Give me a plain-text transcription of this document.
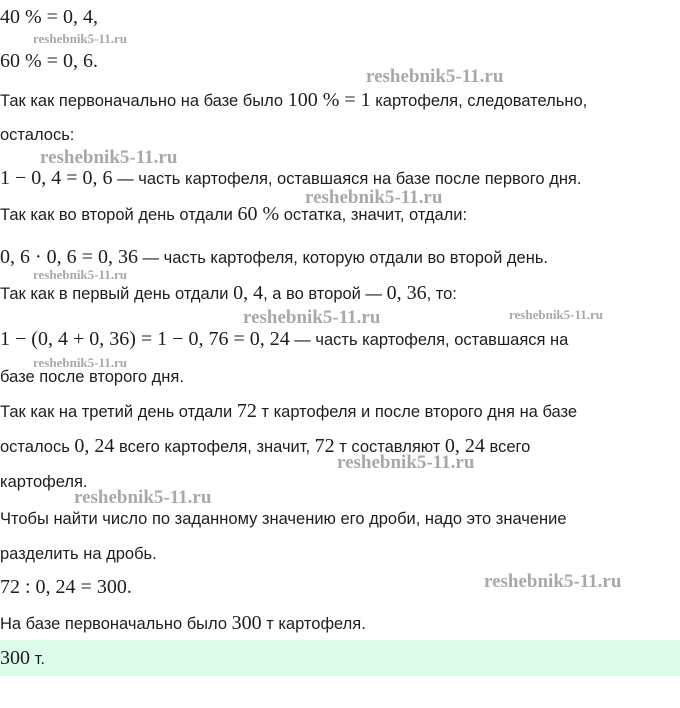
40 % = 0, 4,
60 % = 0, 6.
Так как первоначально на базе было 100 % = 1 картофеля, следовательно,
осталось:
1 − 0, 4 = 0, 6 — часть картофеля, оставшаяся на базе после первого дня.
Так как во второй день отдали 60 % остатка, значит, отдали:
0, 6 · 0, 6 = 0, 36 — часть картофеля, которую отдали во второй день.
Так как в первый день отдали 0, 4, а во второй — 0, 36, то:
1 − (0, 4 + 0, 36) = 1 − 0, 76 = 0, 24 — часть картофеля, оставшаяся на
базе после второго дня.
Так как на третий день отдали 72 т картофеля и после второго дня на базе
осталось 0, 24 всего картофеля, значит, 72 т составляют 0, 24 всего
картофеля.
Чтобы найти число по заданному значению его дроби, надо это значение
разделить на дробь.
72 : 0, 24 = 300.
На базе первоначально было 300 т картофеля.
300 т.
reshebnik5-11.ru
reshebnik5-11.ru
reshebnik5-11.ru
reshebnik5-11.ru
reshebnik5-11.ru
reshebnik5-11.ru	reshebnik5-11.ru
reshebnik5-11.ru
reshebnik5-11.ru
reshebnik5-11.ru
reshebnik5-11.ru
